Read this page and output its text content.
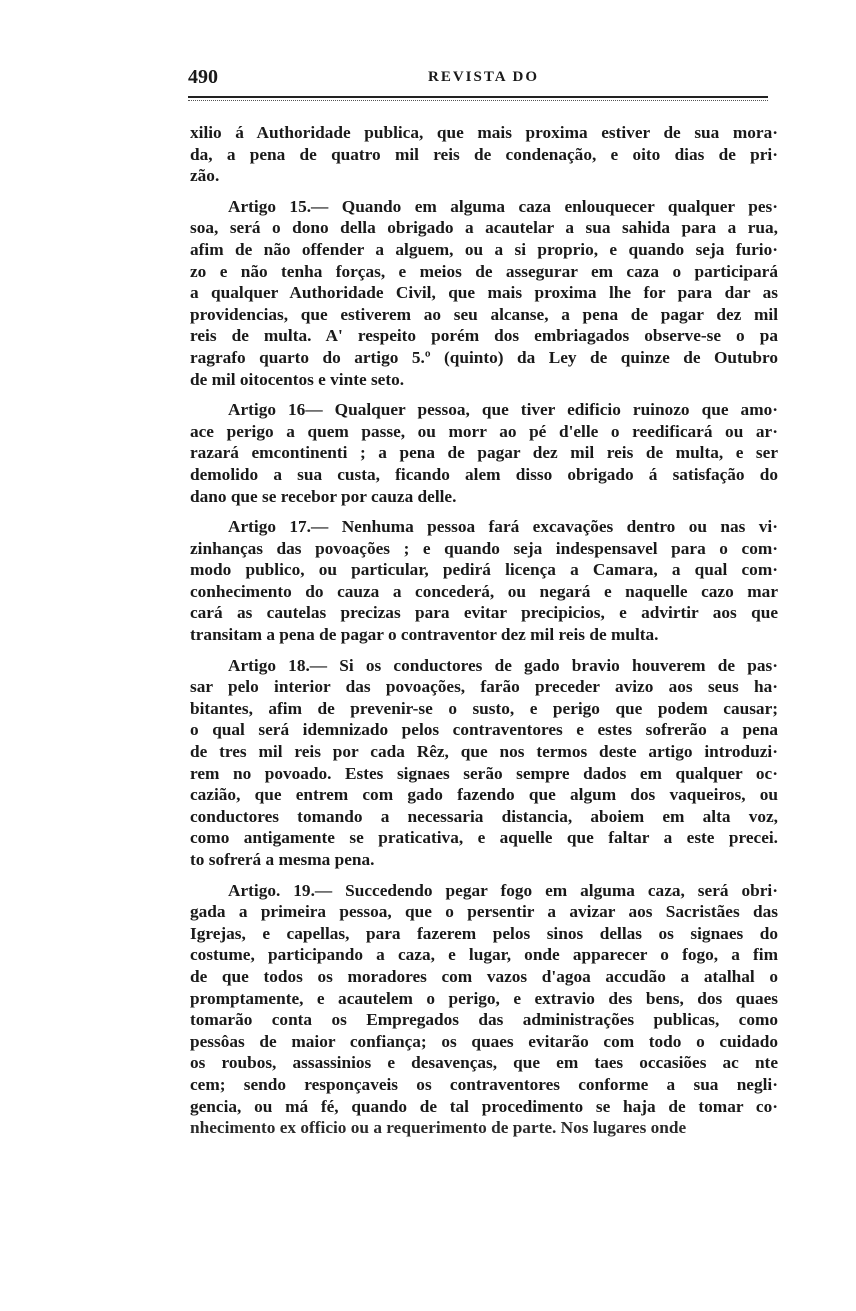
490	REVISTA DO

xilio á Authoridade publica, que mais proxima estiver de sua mora·
da, a pena de quatro mil reis de condenação, e oito dias de pri·
zão.

Artigo 15.— Quando em alguma caza enlouquecer qualquer pes·
soa, será o dono della obrigado a acautelar a sua sahida para a rua,
afim de não offender a alguem, ou a si proprio, e quando seja furio·
zo e não tenha forças, e meios de assegurar em caza o participará
a qualquer Authoridade Civil, que mais proxima lhe for para dar as
providencias, que estiverem ao seu alcanse, a pena de pagar dez mil
reis de multa. A' respeito porém dos embriagados observe-se o pa
ragrafo quarto do artigo 5.º (quinto) da Ley de quinze de Outubro
de mil oitocentos e vinte seto.

Artigo 16— Qualquer pessoa, que tiver edificio ruinozo que amo·
ace perigo a quem passe, ou morr ao pé d'elle o reedificará ou ar·
razará emcontinenti ; a pena de pagar dez mil reis de multa, e ser
demolido a sua custa, ficando alem disso obrigado á satisfação do
dano que se recebor por cauza delle.

Artigo 17.— Nenhuma pessoa fará excavações dentro ou nas vi·
zinhanças das povoações ; e quando seja indespensavel para o com·
modo publico, ou particular, pedirá licença a Camara, a qual com·
conhecimento do cauza a concederá, ou negará e naquelle cazo mar
cará as cautelas precizas para evitar precipicios, e advirtir aos que
transitam a pena de pagar o contraventor dez mil reis de multa.

Artigo 18.— Si os conductores de gado bravio houverem de pas·
sar pelo interior das povoações, farão preceder avizo aos seus ha·
bitantes, afim de prevenir-se o susto, e perigo que podem causar;
o qual será idemnizado pelos contraventores e estes sofrerão a pena
de tres mil reis por cada Rêz, que nos termos deste artigo introduzi·
rem no povoado. Estes signaes serão sempre dados em qualquer oc·
cazião, que entrem com gado fazendo que algum dos vaqueiros, ou
conductores tomando a necessaria distancia, aboiem em alta voz,
como antigamente se praticativa, e aquelle que faltar a este precei.
to sofrerá a mesma pena.

Artigo. 19.— Succedendo pegar fogo em alguma caza, será obri·
gada a primeira pessoa, que o persentir a avizar aos Sacristães das
Igrejas, e capellas, para fazerem pelos sinos dellas os signaes do
costume, participando a caza, e lugar, onde apparecer o fogo, a fim
de que todos os moradores com vazos d'agoa accudão a atalhal o
promptamente, e acautelem o perigo, e extravio des bens, dos quaes
tomarão conta os Empregados das administrações publicas, como
pessôas de maior confiança; os quaes evitarão com todo o cuidado
os roubos, assassinios e desavenças, que em taes occasiões ac nte
cem; sendo responçaveis os contraventores conforme a sua negli·
gencia, ou má fé, quando de tal procedimento se haja de tomar co·
nhecimento ex officio ou a requerimento de parte. Nos lugares onde
